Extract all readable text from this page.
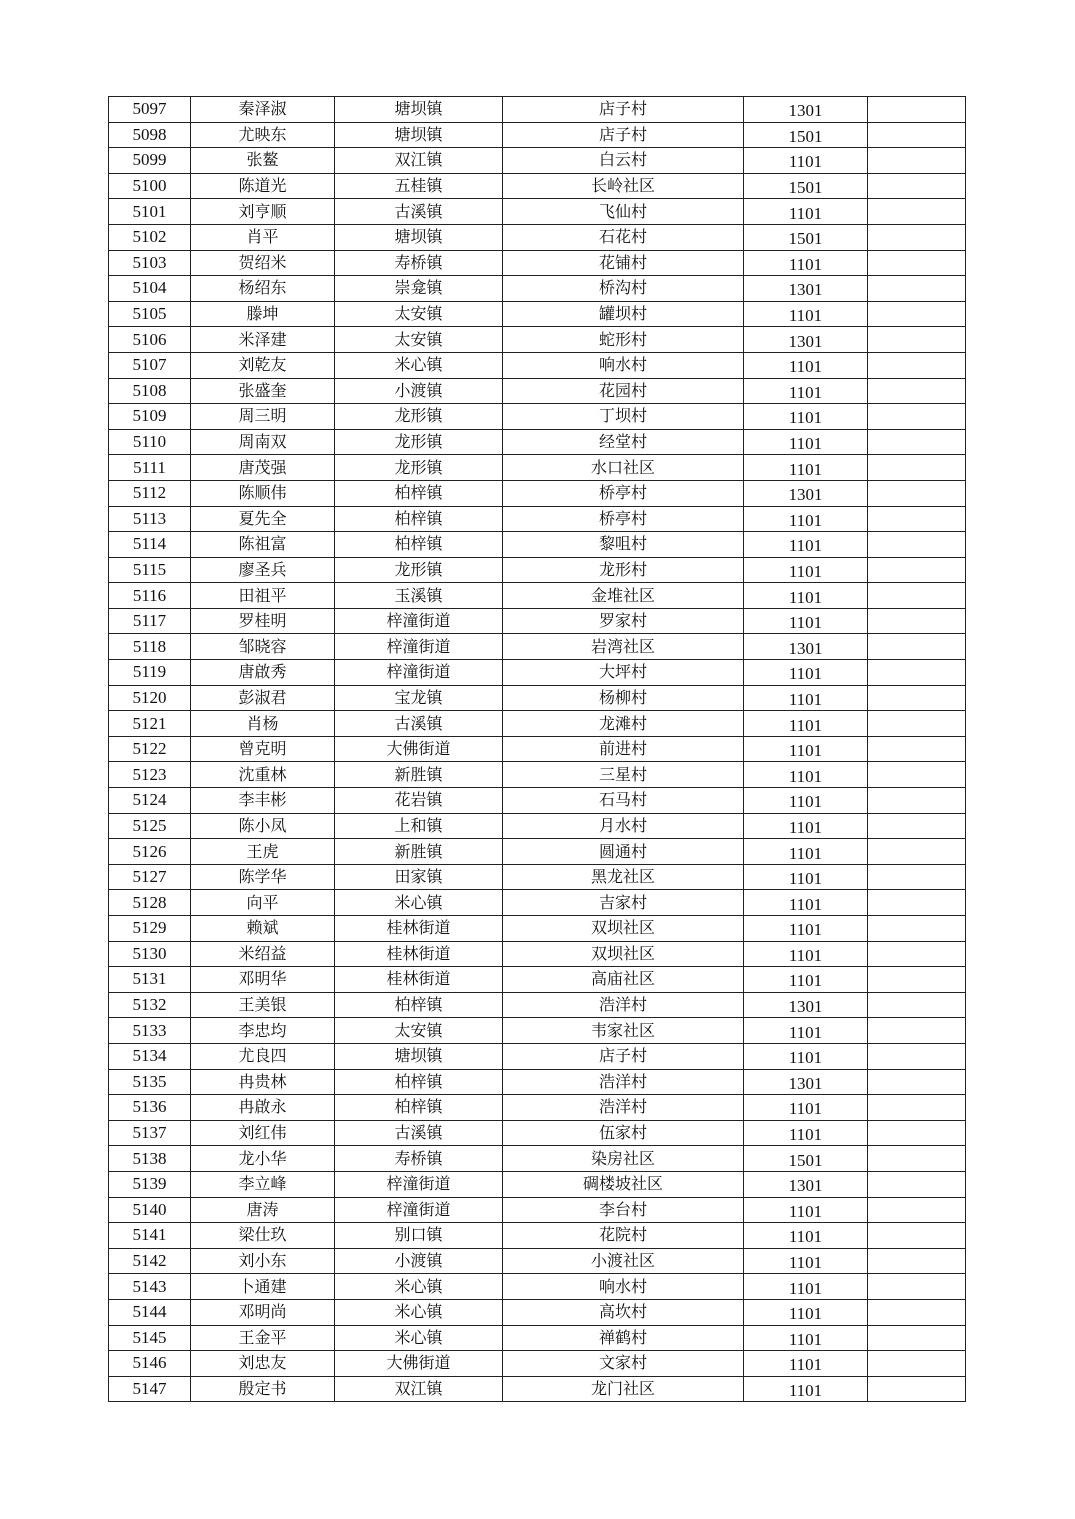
5097	秦泽淑	塘坝镇	店子村	1301	
5098	尤映东	塘坝镇	店子村	1501	
5099	张鳌	双江镇	白云村	1101	
5100	陈道光	五桂镇	长岭社区	1501	
5101	刘亨顺	古溪镇	飞仙村	1101	
5102	肖平	塘坝镇	石花村	1501	
5103	贺绍米	寿桥镇	花铺村	1101	
5104	杨绍东	崇龛镇	桥沟村	1301	
5105	滕坤	太安镇	罐坝村	1101	
5106	米泽建	太安镇	蛇形村	1301	
5107	刘乾友	米心镇	响水村	1101	
5108	张盛奎	小渡镇	花园村	1101	
5109	周三明	龙形镇	丁坝村	1101	
5110	周南双	龙形镇	经堂村	1101	
5111	唐茂强	龙形镇	水口社区	1101	
5112	陈顺伟	柏梓镇	桥亭村	1301	
5113	夏先全	柏梓镇	桥亭村	1101	
5114	陈祖富	柏梓镇	黎咀村	1101	
5115	廖圣兵	龙形镇	龙形村	1101	
5116	田祖平	玉溪镇	金堆社区	1101	
5117	罗桂明	梓潼街道	罗家村	1101	
5118	邹晓容	梓潼街道	岩湾社区	1301	
5119	唐啟秀	梓潼街道	大坪村	1101	
5120	彭淑君	宝龙镇	杨柳村	1101	
5121	肖杨	古溪镇	龙滩村	1101	
5122	曾克明	大佛街道	前进村	1101	
5123	沈重林	新胜镇	三星村	1101	
5124	李丰彬	花岩镇	石马村	1101	
5125	陈小凤	上和镇	月水村	1101	
5126	王虎	新胜镇	圆通村	1101	
5127	陈学华	田家镇	黑龙社区	1101	
5128	向平	米心镇	吉家村	1101	
5129	赖斌	桂林街道	双坝社区	1101	
5130	米绍益	桂林街道	双坝社区	1101	
5131	邓明华	桂林街道	高庙社区	1101	
5132	王美银	柏梓镇	浩洋村	1301	
5133	李忠均	太安镇	韦家社区	1101	
5134	尤良四	塘坝镇	店子村	1101	
5135	冉贵林	柏梓镇	浩洋村	1301	
5136	冉啟永	柏梓镇	浩洋村	1101	
5137	刘红伟	古溪镇	伍家村	1101	
5138	龙小华	寿桥镇	染房社区	1501	
5139	李立峰	梓潼街道	碉楼坡社区	1301	
5140	唐涛	梓潼街道	李台村	1101	
5141	梁仕玖	别口镇	花院村	1101	
5142	刘小东	小渡镇	小渡社区	1101	
5143	卜通建	米心镇	响水村	1101	
5144	邓明尚	米心镇	高坎村	1101	
5145	王金平	米心镇	禅鹤村	1101	
5146	刘忠友	大佛街道	文家村	1101	
5147	殷定书	双江镇	龙门社区	1101	
